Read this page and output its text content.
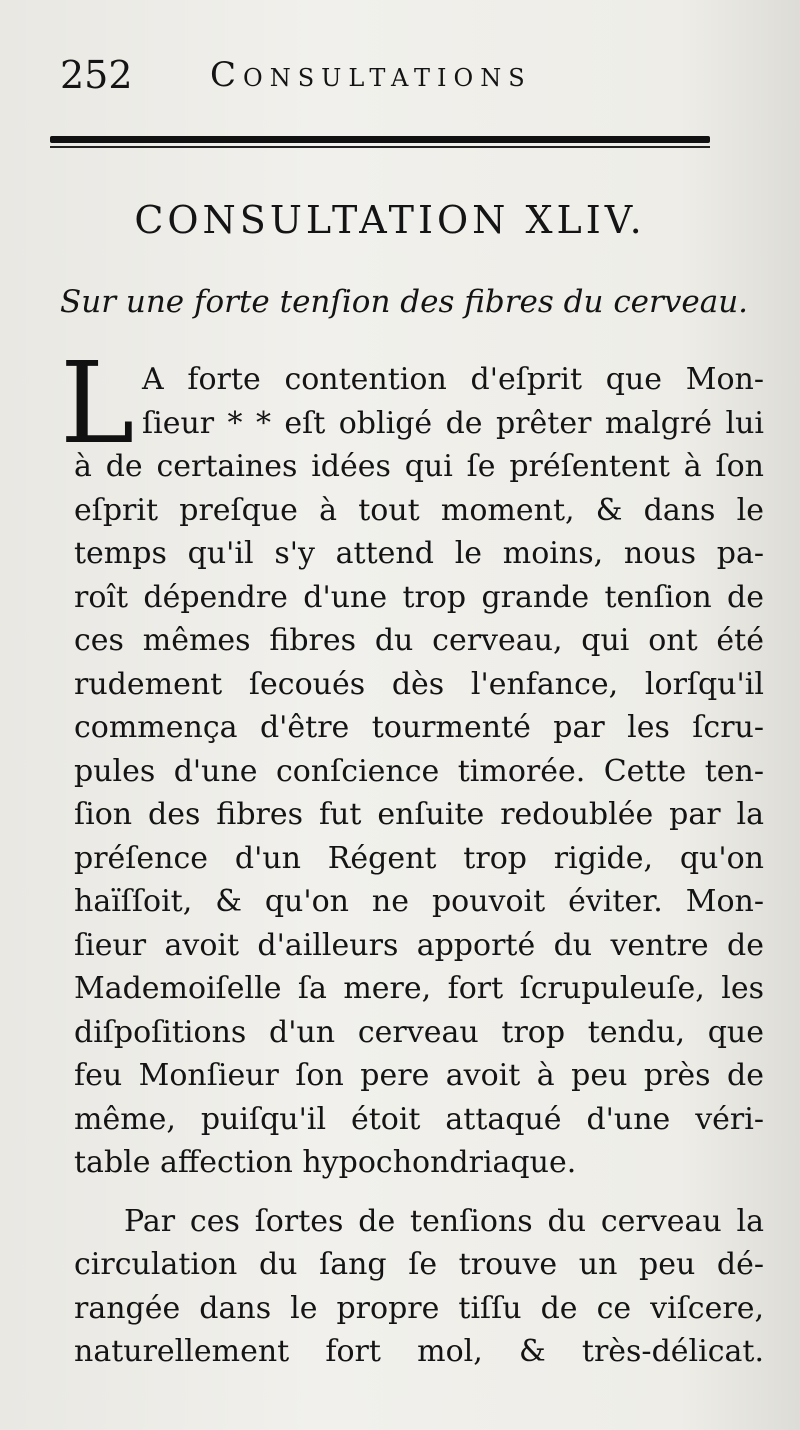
252 Consultations
CONSULTATION XLIV.
Sur une forte tenſion des fibres du cerveau.
L A forte contention d'eſprit que Mon-
ſieur * * eſt obligé de prêter malgré lui
à de certaines idées qui ſe préſentent à ſon
eſprit preſque à tout moment, & dans le
temps qu'il s'y attend le moins, nous pa-
roît dépendre d'une trop grande tenſion de
ces mêmes fibres du cerveau, qui ont été
rudement ſecoués dès l'enfance, lorſqu'il
commença d'être tourmenté par les ſcru-
pules d'une conſcience timorée. Cette ten-
ſion des fibres fut enſuite redoublée par la
préſence d'un Régent trop rigide, qu'on
haïſſoit, & qu'on ne pouvoit éviter. Mon-
ſieur avoit d'ailleurs apporté du ventre de
Mademoiſelle ſa mere, fort ſcrupuleuſe, les
diſpoſitions d'un cerveau trop tendu, que
feu Monſieur ſon pere avoit à peu près de
même, puiſqu'il étoit attaqué d'une véri-
table affection hypochondriaque.
Par ces ſortes de tenſions du cerveau la
circulation du ſang ſe trouve un peu dé-
rangée dans le propre tiſſu de ce viſcere,
naturellement fort mol, & très-délicat.
